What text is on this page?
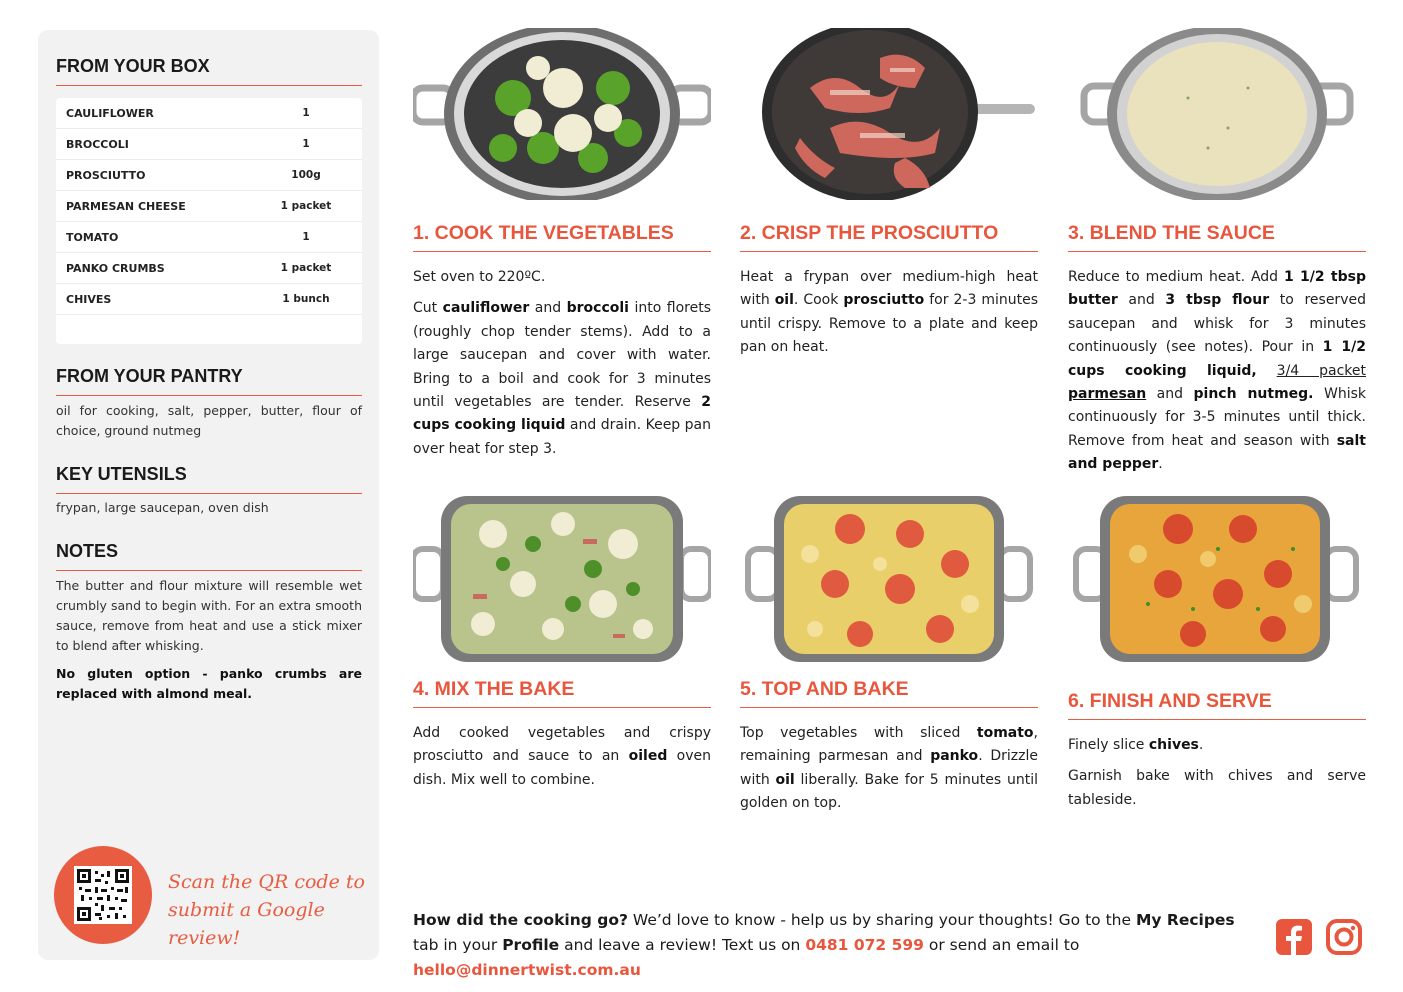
FROM YOUR BOX
CAULIFLOWER	1
BROCCOLI	1
PROSCIUTTO	100g
PARMESAN CHEESE	1 packet
TOMATO	1
PANKO CRUMBS	1 packet
CHIVES	1 bunch
FROM YOUR PANTRY
oil for cooking, salt, pepper, butter, flour of choice, ground nutmeg
KEY UTENSILS
frypan, large saucepan, oven dish
NOTES
The butter and flour mixture will resemble wet crumbly sand to begin with. For an extra smooth sauce, remove from heat and use a stick mixer to blend after whisking.
No gluten option - panko crumbs are replaced with almond meal.
Scan the QR code to
submit a Google review!
1. COOK THE VEGETABLES

Set oven to 220ºC.

Cut cauliflower and broccoli into florets (roughly chop tender stems). Add to a large saucepan and cover with water. Bring to a boil and cook for 3 minutes until vegetables are tender. Reserve 2 cups cooking liquid and drain. Keep pan over heat for step 3.

2. CRISP THE PROSCIUTTO

Heat a frypan over medium-high heat with oil. Cook prosciutto for 2-3 minutes until crispy. Remove to a plate and keep pan on heat.

3. BLEND THE SAUCE

Reduce to medium heat. Add 1 1/2 tbsp butter and 3 tbsp flour to reserved saucepan and whisk for 3 minutes continuously (see notes). Pour in 1 1/2 cups cooking liquid, 3/4 packet parmesan and pinch nutmeg. Whisk continuously for 3-5 minutes until thick. Remove from heat and season with salt and pepper.

4. MIX THE BAKE

Add cooked vegetables and crispy prosciutto and sauce to an oiled oven dish. Mix well to combine.

5. TOP AND BAKE

Top vegetables with sliced tomato, remaining parmesan and panko. Drizzle with oil liberally. Bake for 5 minutes until golden on top.

6. FINISH AND SERVE

Finely slice chives.

Garnish bake with chives and serve tableside.

How did the cooking go? We’d love to know - help us by sharing your thoughts! Go to the My Recipes tab in your Profile and leave a review! Text us on 0481 072 599 or send an email to hello@dinnertwist.com.au
